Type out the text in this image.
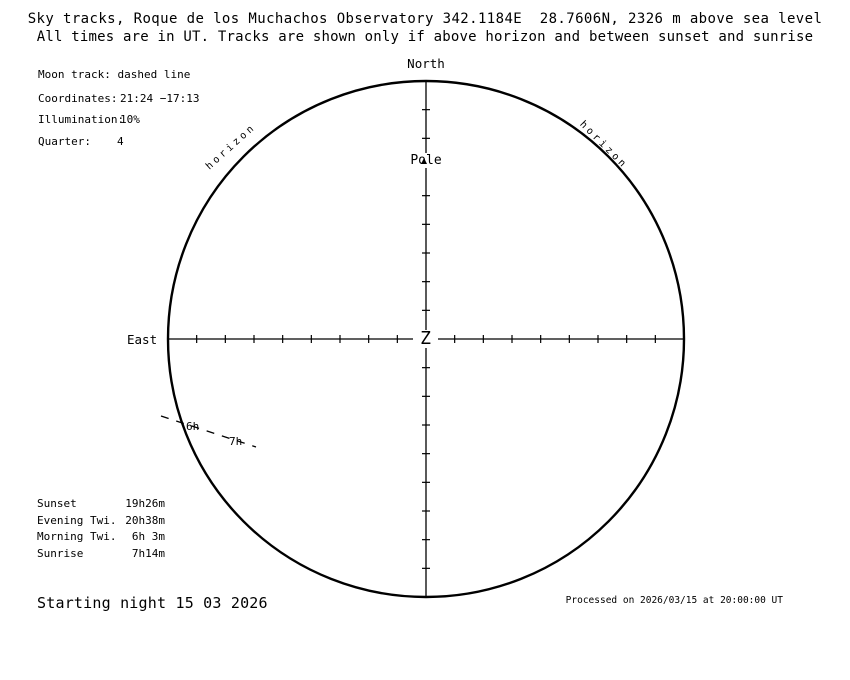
Sky tracks, Roque de los Muchachos Observatory 342.1184E  28.7606N, 2326 m above sea level
All times are in UT. Tracks are shown only if above horizon and between sunset and sunrise
Moon track: dashed line
Coordinates: 21:24 −17:13
Illumination:
10%
Quarter: 4
Sunset	19h26m
Evening Twi. 20h38m
Morning Twi.	6h 3m
Sunrise	7h14m
North
East	Z
Pole
horizon	horizon
6h
7h
Starting night 15 03 2026	Processed on 2026/03/15 at 20:00:00 UT
